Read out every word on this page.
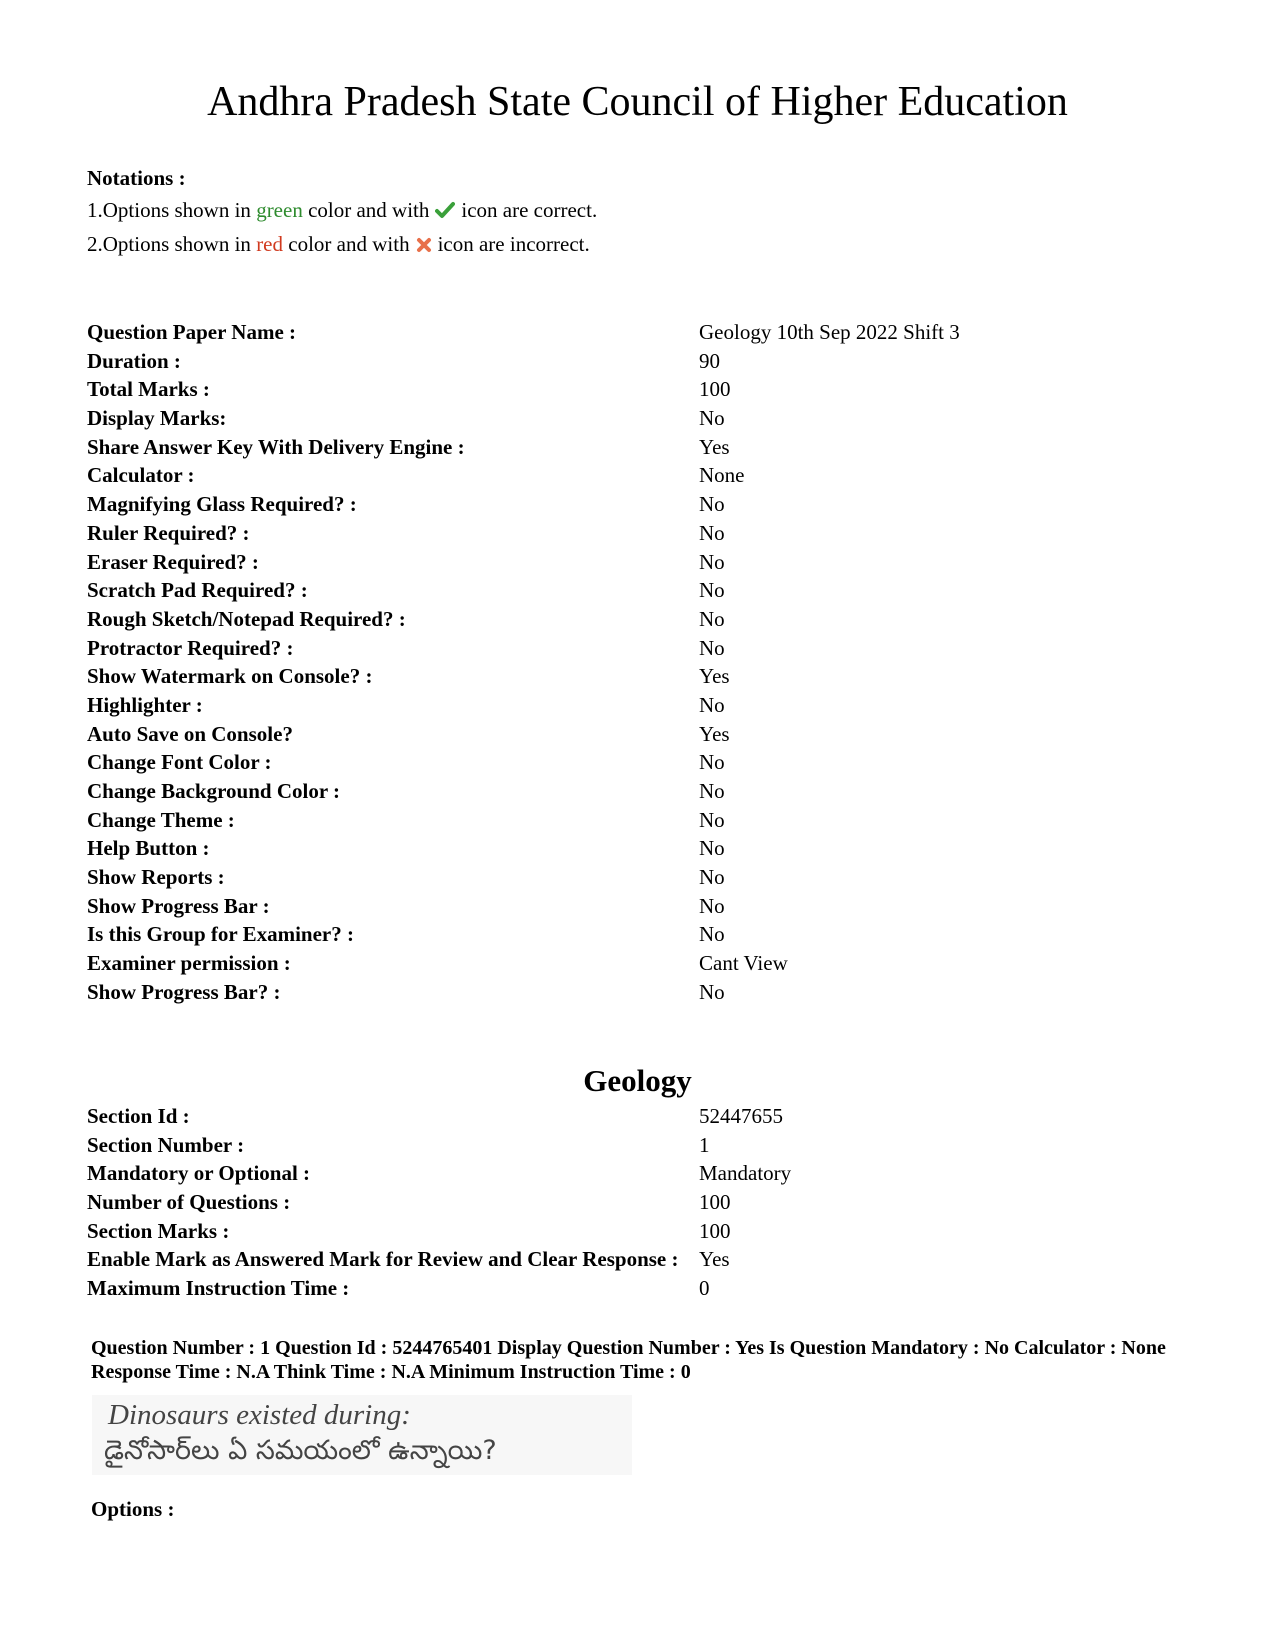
Andhra Pradesh State Council of Higher Education
Notations :
1.Options shown in green color and with icon are correct.
2.Options shown in red color and with icon are incorrect.
Question Paper Name :	Geology 10th Sep 2022 Shift 3
Duration :	90
Total Marks :	100
Display Marks:	No
Share Answer Key With Delivery Engine :	Yes
Calculator :	None
Magnifying Glass Required? :	No
Ruler Required? :	No
Eraser Required? :	No
Scratch Pad Required? :	No
Rough Sketch/Notepad Required? :	No
Protractor Required? :	No
Show Watermark on Console? :	Yes
Highlighter :	No
Auto Save on Console?	Yes
Change Font Color :	No
Change Background Color :	No
Change Theme :	No
Help Button :	No
Show Reports :	No
Show Progress Bar :	No
Is this Group for Examiner? :	No
Examiner permission :	Cant View
Show Progress Bar? :	No
Geology
Section Id :	52447655
Section Number :	1
Mandatory or Optional :	Mandatory
Number of Questions :	100
Section Marks :	100
Enable Mark as Answered Mark for Review and Clear Response : Yes
Maximum Instruction Time :	0
Question Number : 1 Question Id : 5244765401 Display Question Number : Yes Is Question Mandatory : No Calculator : None Response Time : N.A Think Time : N.A Minimum Instruction Time : 0
Dinosaurs existed during:
డైనోసార్‌లు ఏ సమయంలో ఉన్నాయి?
Options :
